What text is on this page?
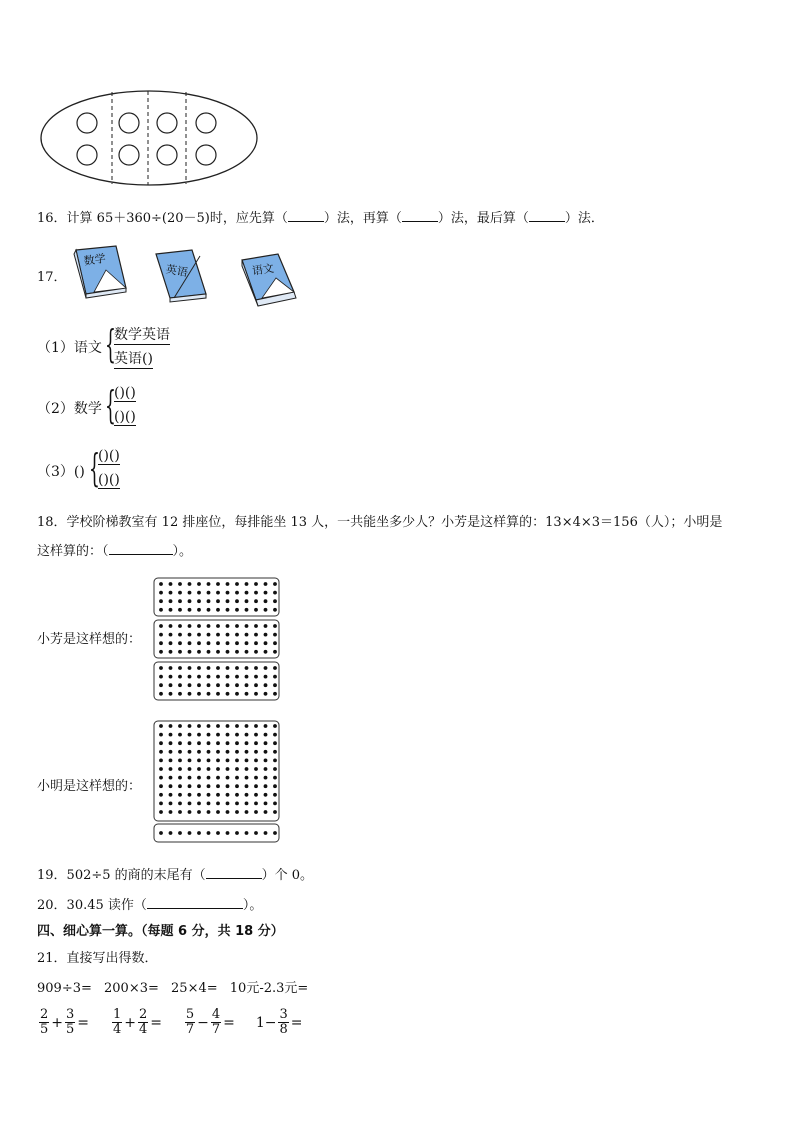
16．计算 65＋360÷(20－5)时，应先算（	）法，再算（	）法，最后算（	）法．
17．
数学
英语	语文
（1）语文 {
数学英语
英语()
（2）数学 {
()()
()()
（3）() {
()()
()()
18．学校阶梯教室有 12 排座位，每排能坐 13 人，一共能坐多少人？小芳是这样算的：13×4×3＝156（人）；小明是
这样算的：（	）。
小芳是这样想的：
小明是这样想的：
19．502÷5 的商的末尾有（	）个 0。
20．30.45 读作（	）。
四、细心算一算。（每题 6 分，共 18 分）
21．直接写出得数．
909÷3= 200×3= 25×4= 10元-2.3元=
$\frac{2}{5} + \frac{3}{5} = \frac{1}{4} + \frac{2}{4} = \frac{5}{7} - \frac{4}{7} = 1- \frac{3}{8}$ =
